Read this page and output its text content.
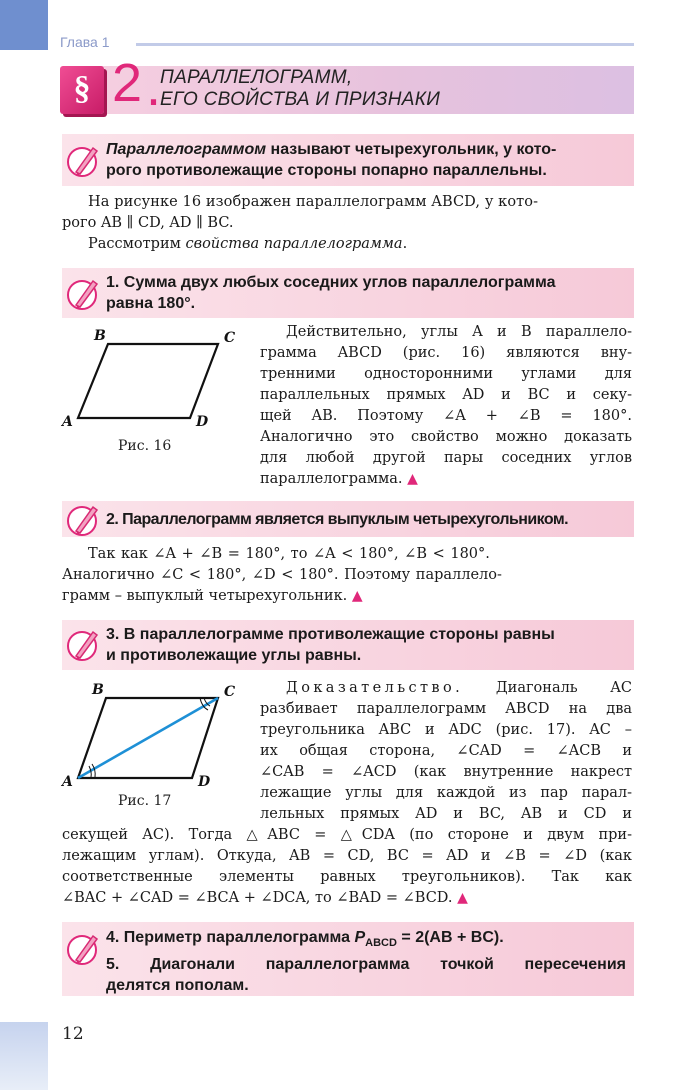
Глава 1
§ 2 .
ПАРАЛЛЕЛОГРАММ,
ЕГО СВОЙСТВА И ПРИЗНАКИ
Параллелограммом называют четырехугольник, у кото-
рого противолежащие стороны попарно параллельны.
На рисунке 16 изображен параллелограмм ABCD, у кото-
рого AB ∥ CD, AD ∥ BC.
Рассмотрим свойства параллелограмма.
1. Сумма двух любых соседних углов параллелограмма
равна 180°.
B	C
A	D
Рис. 16
Действительно, углы A и B параллело-
грамма ABCD (рис. 16) являются вну-
тренними односторонними углами для
параллельных прямых AD и BC и секу-
щей AB. Поэтому ∠A + ∠B = 180°.
Аналогично это свойство можно доказать
для любой другой пары соседних углов
параллелограмма. ▲
2. Параллелограмм является выпуклым четырехугольником.
Так как ∠A + ∠B = 180°, то ∠A < 180°, ∠B < 180°.
Аналогично ∠C < 180°, ∠D < 180°. Поэтому параллело-
грамм – выпуклый четырехугольник. ▲
3. В параллелограмме противолежащие стороны равны
и противолежащие углы равны.
B	C
A	D
Рис. 17
Доказательство. Диагональ AC
разбивает параллелограмм ABCD на два
треугольника ABC и ADC (рис. 17). AC –
их общая сторона, ∠CAD = ∠ACB и
∠CAB = ∠ACD (как внутренние накрест
лежащие углы для каждой из пар парал-
лельных прямых AD и BC, AB и CD и
секущей AC). Тогда △ABC = △CDA (по стороне и двум при-
лежащим углам). Откуда, AB = CD, BC = AD и ∠B = ∠D (как
соответственные элементы равных треугольников). Так как
∠BAC + ∠CAD = ∠BCA + ∠DCA, то ∠BAD = ∠BCD. ▲
4. Периметр параллелограмма $P_{ABCD} = 2(AB + BC)$.
5. Диагонали параллелограмма точкой пересечения
делятся пополам.
12
